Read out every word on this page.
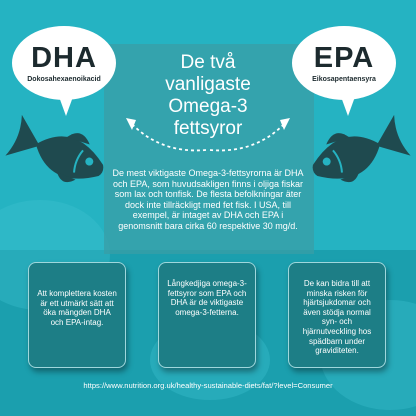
De två
vanligaste
Omega-3
fettsyror
DHA
Dokosahexaenoikacid
EPA
Eikosapentaensyra
De mest viktigaste Omega-3-fettsyrorna är DHA och EPA, som huvudsakligen finns i oljiga fiskar som lax och tonfisk. De flesta befolkningar äter dock inte tillräckligt med fet fisk. I USA, till exempel, är intaget av DHA och EPA i genomsnitt bara cirka 60 respektive 30 mg/d.
Att komplettera kosten är ett utmärkt sätt att öka mängden DHA och EPA-intag.
Långkedjiga omega-3-fettsyror som EPA och DHA är de viktigaste omega-3-fetterna.
De kan bidra till att minska risken för hjärtsjukdomar och även stödja normal syn- och hjärnutveckling hos spädbarn under graviditeten.
https://www.nutrition.org.uk/healthy-sustainable-diets/fat/?level=Consumer
